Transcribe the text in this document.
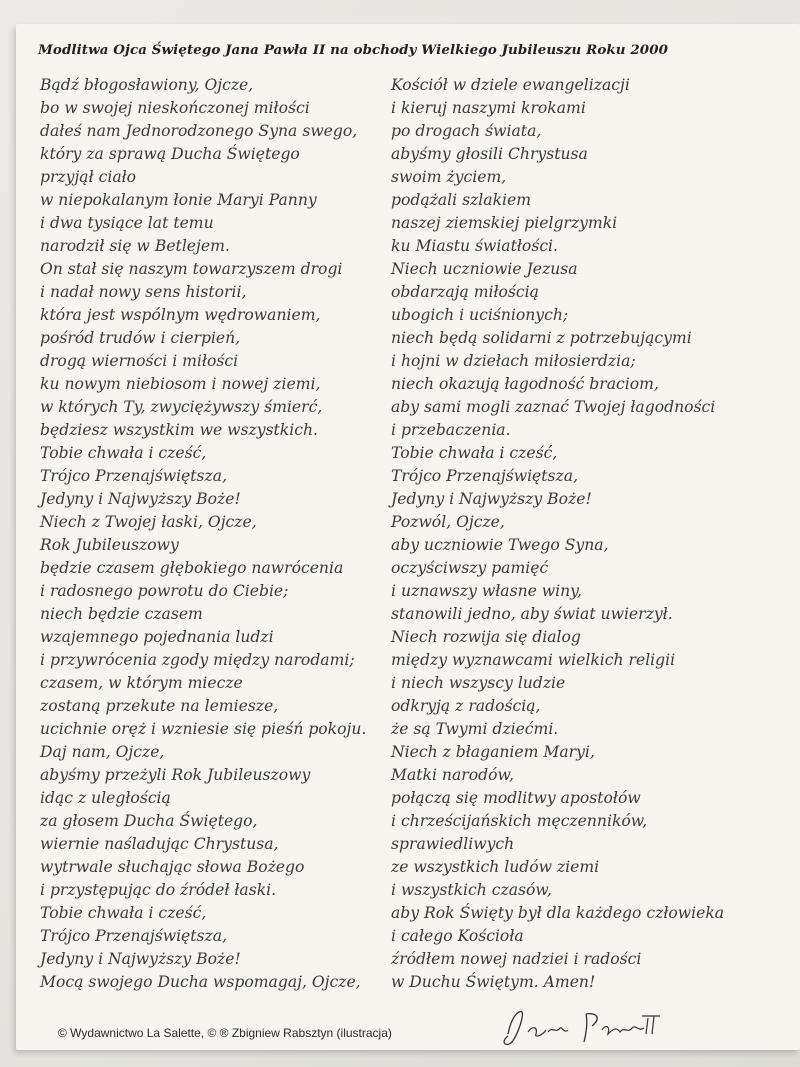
Modlitwa Ojca Świętego Jana Pawła II na obchody Wielkiego Jubileuszu Roku 2000
Bądź błogosławiony, Ojcze,
bo w swojej nieskończonej miłości
dałeś nam Jednorodzonego Syna swego,
który za sprawą Ducha Świętego
przyjął ciało
w niepokalanym łonie Maryi Panny
i dwa tysiące lat temu
narodził się w Betlejem.
On stał się naszym towarzyszem drogi
i nadał nowy sens historii,
która jest wspólnym wędrowaniem,
pośród trudów i cierpień,
drogą wierności i miłości
ku nowym niebiosom i nowej ziemi,
w których Ty, zwyciężywszy śmierć,
będziesz wszystkim we wszystkich.
Tobie chwała i cześć,
Trójco Przenajświętsza,
Jedyny i Najwyższy Boże!
Niech z Twojej łaski, Ojcze,
Rok Jubileuszowy
będzie czasem głębokiego nawrócenia
i radosnego powrotu do Ciebie;
niech będzie czasem
wzajemnego pojednania ludzi
i przywrócenia zgody między narodami;
czasem, w którym miecze
zostaną przekute na lemiesze,
ucichnie oręż i wzniesie się pieśń pokoju.
Daj nam, Ojcze,
abyśmy przeżyli Rok Jubileuszowy
idąc z uległością
za głosem Ducha Świętego,
wiernie naśladując Chrystusa,
wytrwale słuchając słowa Bożego
i przystępując do źródeł łaski.
Tobie chwała i cześć,
Trójco Przenajświętsza,
Jedyny i Najwyższy Boże!
Mocą swojego Ducha wspomagaj, Ojcze,
Kościół w dziele ewangelizacji
i kieruj naszymi krokami
po drogach świata,
abyśmy głosili Chrystusa
swoim życiem,
podążali szlakiem
naszej ziemskiej pielgrzymki
ku Miastu światłości.
Niech uczniowie Jezusa
obdarzają miłością
ubogich i uciśnionych;
niech będą solidarni z potrzebującymi
i hojni w dziełach miłosierdzia;
niech okazują łagodność braciom,
aby sami mogli zaznać Twojej łagodności
i przebaczenia.
Tobie chwała i cześć,
Trójco Przenajświętsza,
Jedyny i Najwyższy Boże!
Pozwól, Ojcze,
aby uczniowie Twego Syna,
oczyściwszy pamięć
i uznawszy własne winy,
stanowili jedno, aby świat uwierzył.
Niech rozwija się dialog
między wyznawcami wielkich religii
i niech wszyscy ludzie
odkryją z radością,
że są Twymi dziećmi.
Niech z błaganiem Maryi,
Matki narodów,
połączą się modlitwy apostołów
i chrześcijańskich męczenników,
sprawiedliwych
ze wszystkich ludów ziemi
i wszystkich czasów,
aby Rok Święty był dla każdego człowieka
i całego Kościoła
źródłem nowej nadziei i radości
w Duchu Świętym. Amen!
© Wydawnictwo La Salette, © ® Zbigniew Rabsztyn (ilustracja)
